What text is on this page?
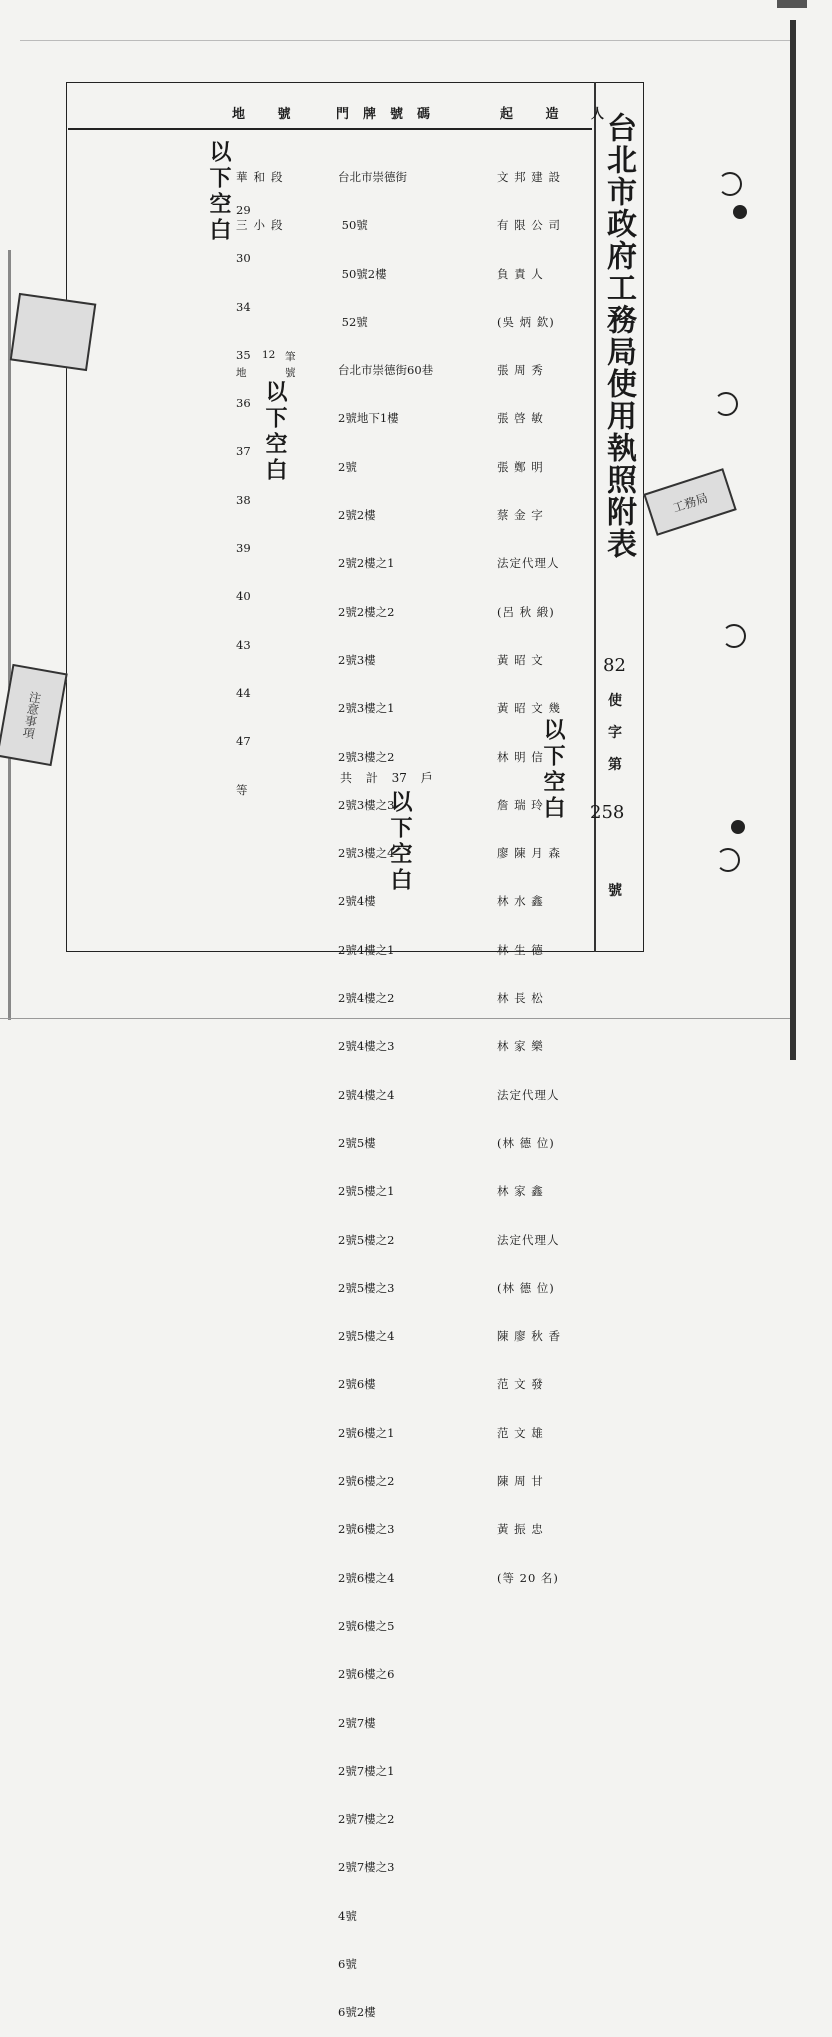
地 號 門牌號碼	起 造 人
台北市政府工務局使用執照附表
82
使
字
第
258
號

華和段

三小段

29

30

34

35

36

37

38

39

40

43

44

47

等

地
12 筆
號
以下空白
以下空白

台北市崇德街

50號

50號2樓

52號

台北市崇德街60巷

2號地下1樓

2號

2號2樓

2號2樓之1

2號2樓之2

2號3樓

2號3樓之1

2號3樓之2

2號3樓之3

2號3樓之4

2號4樓

2號4樓之1

2號4樓之2

2號4樓之3

2號4樓之4

2號5樓

2號5樓之1

2號5樓之2

2號5樓之3

2號5樓之4

2號6樓

2號6樓之1

2號6樓之2

2號6樓之3

2號6樓之4

2號6樓之5

2號6樓之6

2號7樓

2號7樓之1

2號7樓之2

2號7樓之3

4號

6號

6號2樓

共 計 37 戶
以下空白

文 邦 建 設

有 限 公 司

負 責 人

(吳 炳 欽)

張 周 秀

張 啓 敏

張 鄭 明

蔡 金 字

法定代理人

(呂 秋 緞)

黃 昭 文

黃 昭 文 幾

林 明 信

詹 瑞 玲

廖 陳 月 森

林 水 鑫

林 生 德

林 長 松

林 家 樂

法定代理人

(林 德 位)

林 家 鑫

法定代理人

(林 德 位)

陳 廖 秋 香

范 文 發

范 文 雄

陳 周 甘

黃 振 忠

(等 20 名)

以下空白
工務局
注意事項
